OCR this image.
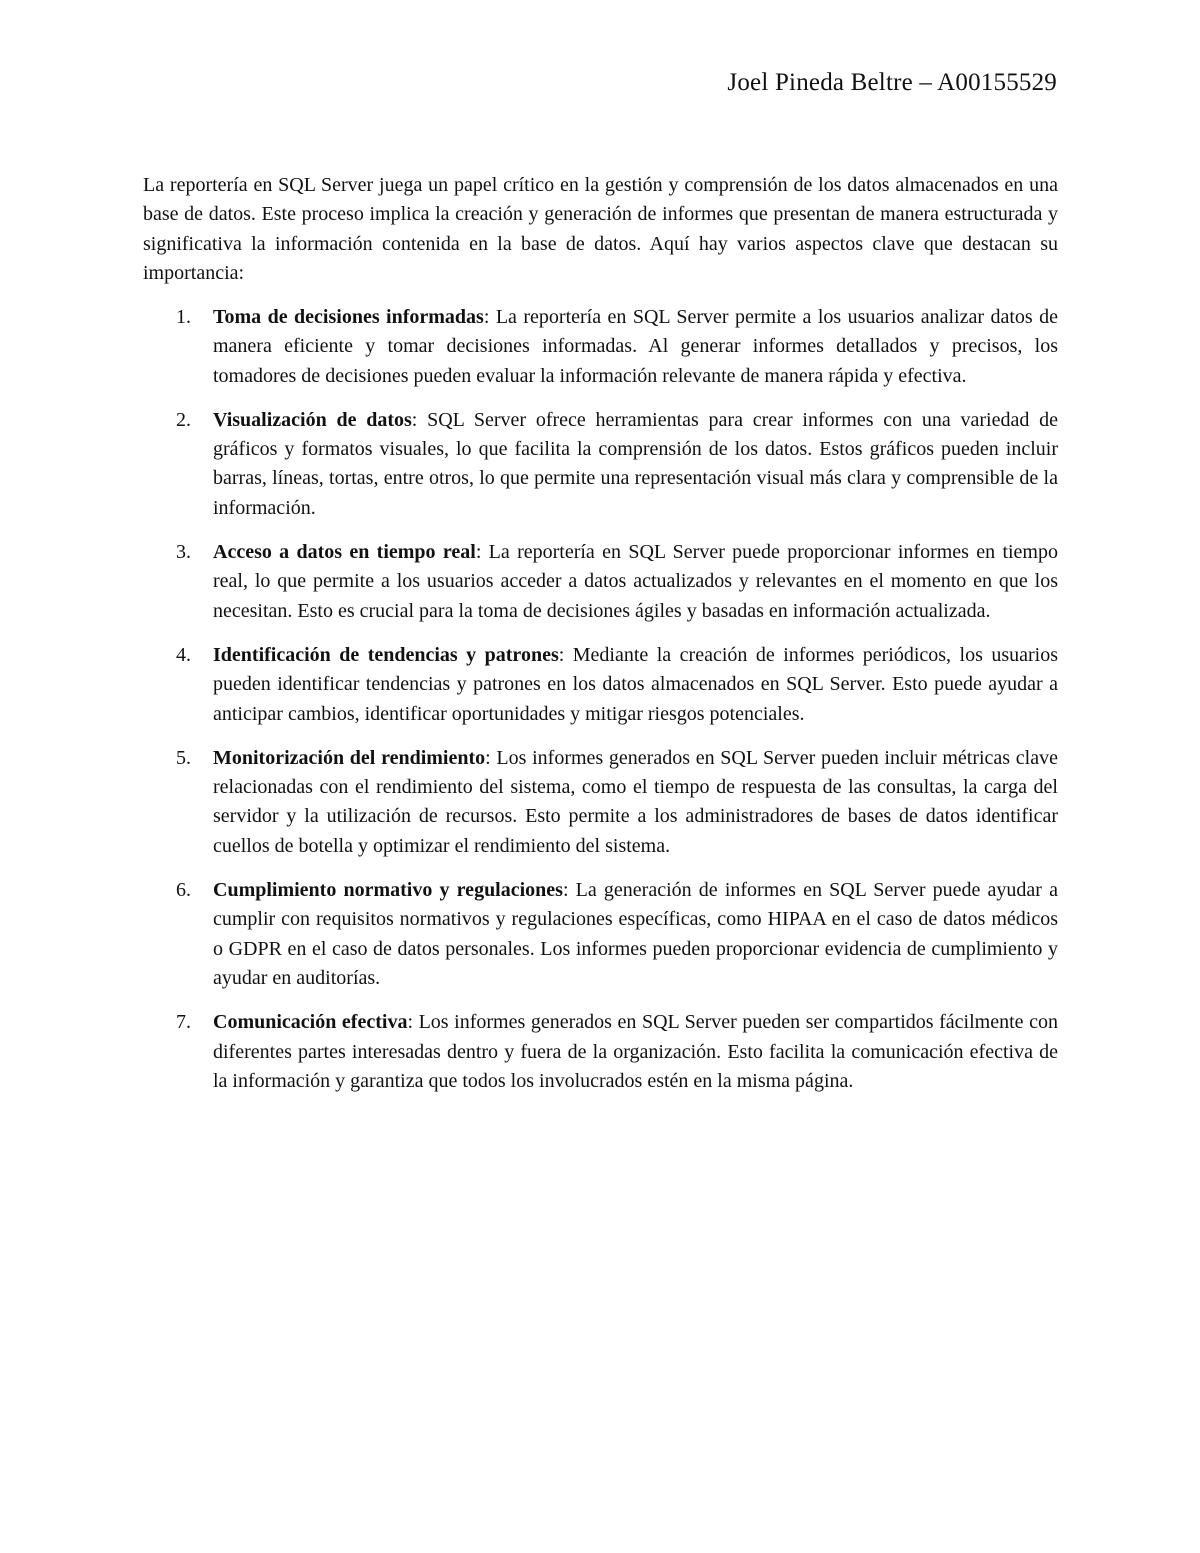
Joel Pineda Beltre – A00155529

La reportería en SQL Server juega un papel crítico en la gestión y comprensión de los datos almacenados en una base de datos. Este proceso implica la creación y generación de informes que presentan de manera estructurada y significativa la información contenida en la base de datos. Aquí hay varios aspectos clave que destacan su importancia:

1. Toma de decisiones informadas: La reportería en SQL Server permite a los usuarios analizar datos de manera eficiente y tomar decisiones informadas. Al generar informes detallados y precisos, los tomadores de decisiones pueden evaluar la información relevante de manera rápida y efectiva.
2. Visualización de datos: SQL Server ofrece herramientas para crear informes con una variedad de gráficos y formatos visuales, lo que facilita la comprensión de los datos. Estos gráficos pueden incluir barras, líneas, tortas, entre otros, lo que permite una representación visual más clara y comprensible de la información.
3. Acceso a datos en tiempo real: La reportería en SQL Server puede proporcionar informes en tiempo real, lo que permite a los usuarios acceder a datos actualizados y relevantes en el momento en que los necesitan. Esto es crucial para la toma de decisiones ágiles y basadas en información actualizada.
4. Identificación de tendencias y patrones: Mediante la creación de informes periódicos, los usuarios pueden identificar tendencias y patrones en los datos almacenados en SQL Server. Esto puede ayudar a anticipar cambios, identificar oportunidades y mitigar riesgos potenciales.
5. Monitorización del rendimiento: Los informes generados en SQL Server pueden incluir métricas clave relacionadas con el rendimiento del sistema, como el tiempo de respuesta de las consultas, la carga del servidor y la utilización de recursos. Esto permite a los administradores de bases de datos identificar cuellos de botella y optimizar el rendimiento del sistema.
6. Cumplimiento normativo y regulaciones: La generación de informes en SQL Server puede ayudar a cumplir con requisitos normativos y regulaciones específicas, como HIPAA en el caso de datos médicos o GDPR en el caso de datos personales. Los informes pueden proporcionar evidencia de cumplimiento y ayudar en auditorías.
7. Comunicación efectiva: Los informes generados en SQL Server pueden ser compartidos fácilmente con diferentes partes interesadas dentro y fuera de la organización. Esto facilita la comunicación efectiva de la información y garantiza que todos los involucrados estén en la misma página.
